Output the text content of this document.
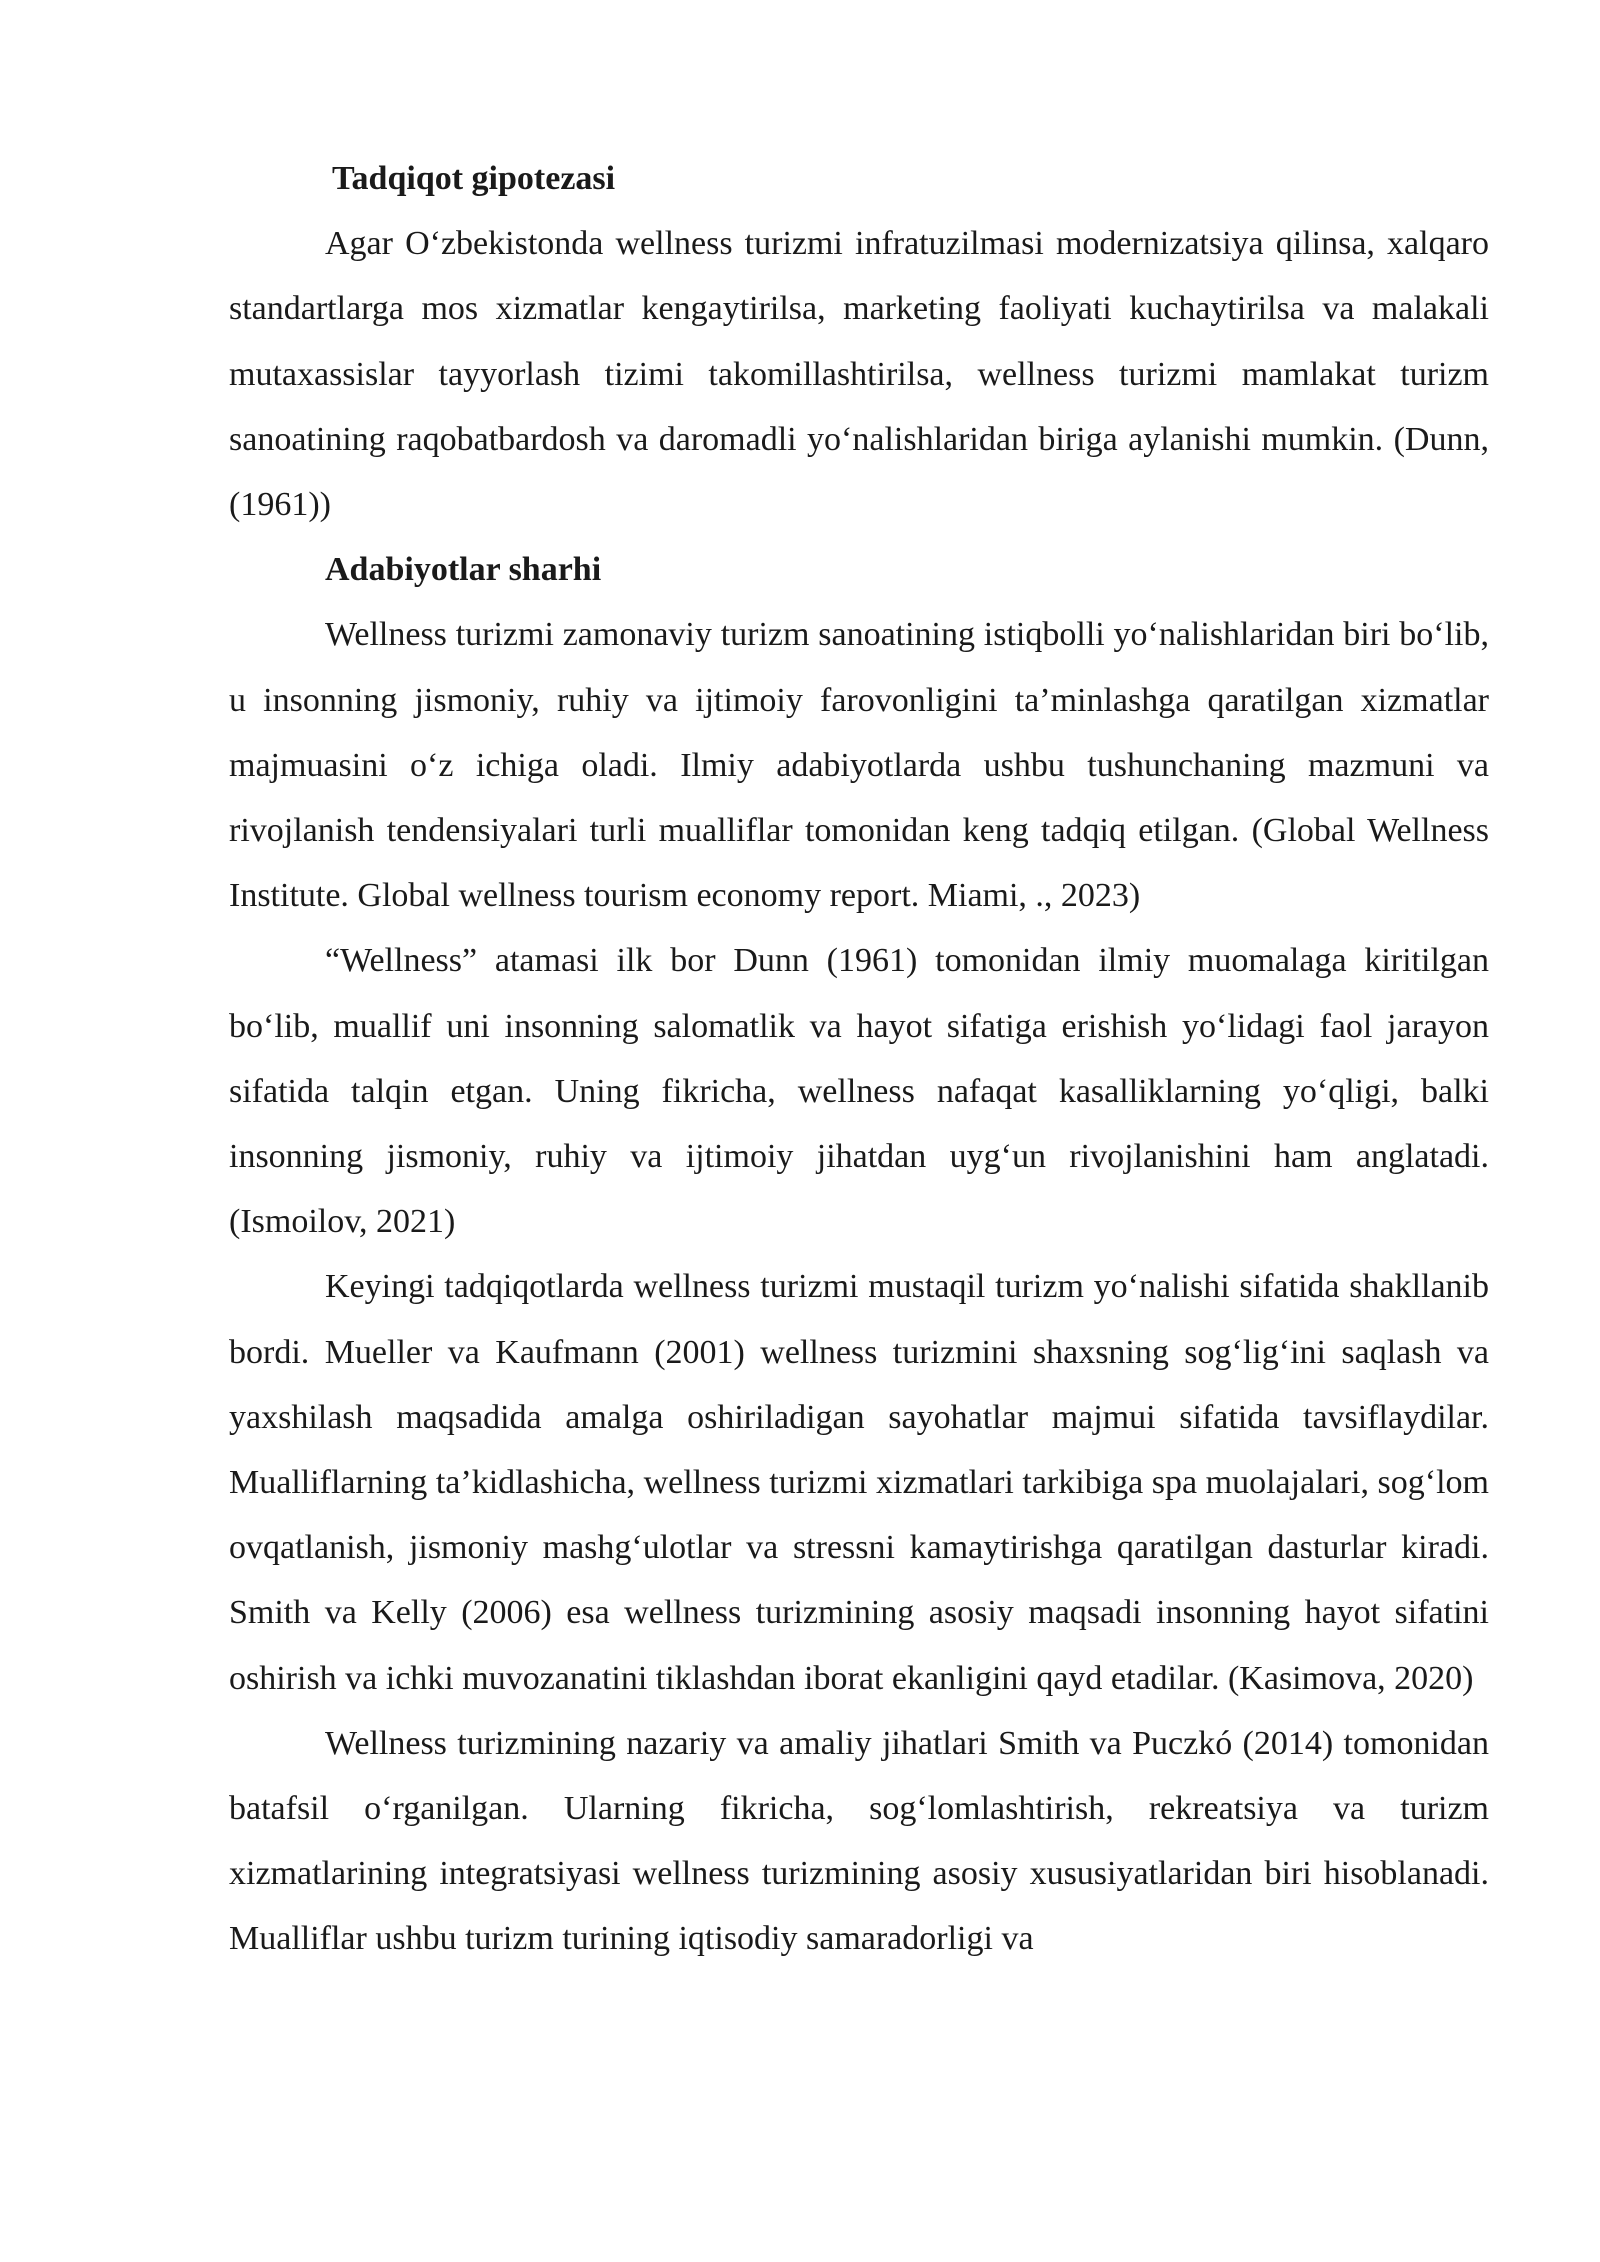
Tadqiqot gipotezasi

Agar O‘zbekistonda wellness turizmi infratuzilmasi modernizatsiya qilinsa, xalqaro standartlarga mos xizmatlar kengaytirilsa, marketing faoliyati kuchaytirilsa va malakali mutaxassislar tayyorlash tizimi takomillashtirilsa, wellness turizmi mamlakat turizm sanoatining raqobatbardosh va daromadli yo‘nalishlaridan biriga aylanishi mumkin. (Dunn, (1961))

Adabiyotlar sharhi

Wellness turizmi zamonaviy turizm sanoatining istiqbolli yo‘nalishlaridan biri bo‘lib, u insonning jismoniy, ruhiy va ijtimoiy farovonligini ta’minlashga qaratilgan xizmatlar majmuasini o‘z ichiga oladi. Ilmiy adabiyotlarda ushbu tushunchaning mazmuni va rivojlanish tendensiyalari turli mualliflar tomonidan keng tadqiq etilgan. (Global Wellness Institute. Global wellness tourism economy report. Miami, ., 2023)

“Wellness” atamasi ilk bor Dunn (1961) tomonidan ilmiy muomalaga kiritilgan bo‘lib, muallif uni insonning salomatlik va hayot sifatiga erishish yo‘lidagi faol jarayon sifatida talqin etgan. Uning fikricha, wellness nafaqat kasalliklarning yo‘qligi, balki insonning jismoniy, ruhiy va ijtimoiy jihatdan uyg‘un rivojlanishini ham anglatadi. (Ismoilov, 2021)

Keyingi tadqiqotlarda wellness turizmi mustaqil turizm yo‘nalishi sifatida shakllanib bordi. Mueller va Kaufmann (2001) wellness turizmini shaxsning sog‘lig‘ini saqlash va yaxshilash maqsadida amalga oshiriladigan sayohatlar majmui sifatida tavsiflaydilar. Mualliflarning ta’kidlashicha, wellness turizmi xizmatlari tarkibiga spa muolajalari, sog‘lom ovqatlanish, jismoniy mashg‘ulotlar va stressni kamaytirishga qaratilgan dasturlar kiradi. Smith va Kelly (2006) esa wellness turizmining asosiy maqsadi insonning hayot sifatini oshirish va ichki muvozanatini tiklashdan iborat ekanligini qayd etadilar. (Kasimova, 2020)

Wellness turizmining nazariy va amaliy jihatlari Smith va Puczkó (2014) tomonidan batafsil o‘rganilgan. Ularning fikricha, sog‘lomlashtirish, rekreatsiya va turizm xizmatlarining integratsiyasi wellness turizmining asosiy xususiyatlaridan biri hisoblanadi. Mualliflar ushbu turizm turining iqtisodiy samaradorligi va
